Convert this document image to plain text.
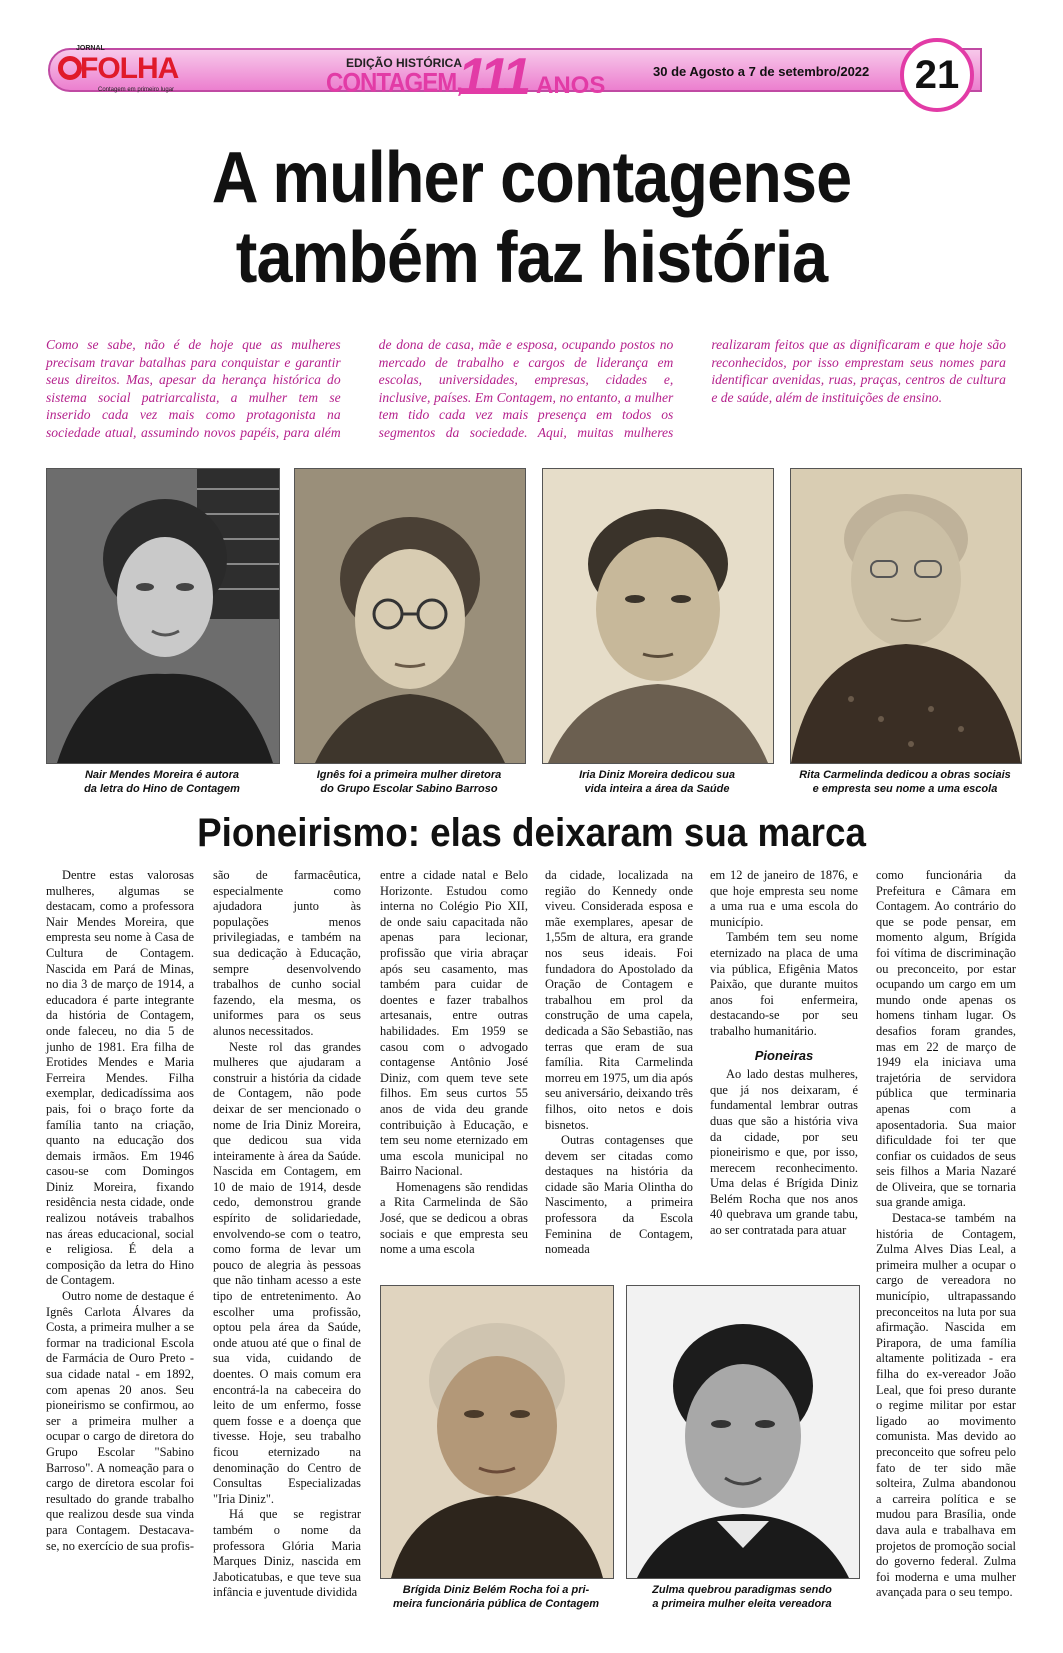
JORNAL
FOLHA
Contagem em primeiro lugar
EDIÇÃO HISTÓRICA
CONTAGEM,
111 ANOS
30 de Agosto a 7 de setembro/2022	21
A mulher contagense
também faz história
Como se sabe, não é de hoje que as mulheres precisam travar batalhas para conquistar e garantir seus direitos. Mas, apesar da herança histórica do sistema social patriarcalista, a mulher tem se inserido cada vez mais como protagonista na sociedade atual, assumindo novos papéis, para além de dona de casa, mãe e esposa, ocupando postos no mercado de trabalho e cargos de liderança em escolas, universidades, empresas, cidades e, inclusive, países. Em Contagem, no entanto, a mulher tem tido cada vez mais presença em todos os segmentos da sociedade. Aqui, muitas mulheres realizaram feitos que as dignificaram e que hoje são reconhecidos, por isso emprestam seus nomes para identificar avenidas, ruas, praças, centros de cultura e de saúde, além de instituições de ensino.
Nair Mendes Moreira é autora
da letra do Hino de Contagem
Ignês foi a primeira mulher diretora
do Grupo Escolar Sabino Barroso
Iria Diniz Moreira dedicou sua
vida inteira a área da Saúde
Rita Carmelinda dedicou a obras sociais
e empresta seu nome a uma escola
Pioneirismo: elas deixaram sua marca

Dentre estas valorosas mulheres, algumas se destacam, como a professora Nair Mendes Moreira, que empresta seu nome à Casa de Cultura de Contagem. Nascida em Pará de Minas, no dia 3 de março de 1914, a educadora é parte integrante da história de Contagem, onde faleceu, no dia 5 de junho de 1981. Era filha de Erotides Mendes e Maria Ferreira Mendes. Filha exemplar, dedicadíssima aos pais, foi o braço forte da família tanto na criação, quanto na educação dos demais irmãos. Em 1946 casou-se com Domingos Diniz Moreira, fixando residência nesta cidade, onde realizou notáveis trabalhos nas áreas educacional, social e religiosa. É dela a composição da letra do Hino de Contagem.

Outro nome de destaque é Ignês Carlota Álvares da Costa, a primeira mulher a se formar na tradicional Escola de Farmácia de Ouro Preto - sua cidade natal - em 1892, com apenas 20 anos. Seu pioneirismo se confirmou, ao ser a primeira mulher a ocupar o cargo de diretora do Grupo Escolar "Sabino Barroso". A nomeação para o cargo de diretora escolar foi resultado do grande trabalho que realizou desde sua vinda para Contagem. Destacava-se, no exercício de sua profis-

são de farmacêutica, especialmente como ajudadora junto às populações menos privilegiadas, e também na sua dedicação à Educação, sempre desenvolvendo trabalhos de cunho social fazendo, ela mesma, os uniformes para os seus alunos necessitados.

Neste rol das grandes mulheres que ajudaram a construir a história da cidade de Contagem, não pode deixar de ser mencionado o nome de Iria Diniz Moreira, que dedicou sua vida inteiramente à área da Saúde. Nascida em Contagem, em 10 de maio de 1914, desde cedo, demonstrou grande espírito de solidariedade, envolvendo-se com o teatro, como forma de levar um pouco de alegria às pessoas que não tinham acesso a este tipo de entretenimento. Ao escolher uma profissão, optou pela área da Saúde, onde atuou até que o final de sua vida, cuidando de doentes. O mais comum era encontrá-la na cabeceira do leito de um enfermo, fosse quem fosse e a doença que tivesse. Hoje, seu trabalho ficou eternizado na denominação do Centro de Consultas Especializadas "Iria Diniz".

Há que se registrar também o nome da professora Glória Maria Marques Diniz, nascida em Jaboticatubas, e que teve sua infância e juventude dividida

entre a cidade natal e Belo Horizonte. Estudou como interna no Colégio Pio XII, de onde saiu capacitada não apenas para lecionar, profissão que viria abraçar após seu casamento, mas também para cuidar de doentes e fazer trabalhos artesanais, entre outras habilidades. Em 1959 se casou com o advogado contagense Antônio José Diniz, com quem teve sete filhos. Em seus curtos 55 anos de vida deu grande contribuição à Educação, e tem seu nome eternizado em uma escola municipal no Bairro Nacional.

Homenagens são rendidas a Rita Carmelinda de São José, que se dedicou a obras sociais e que empresta seu nome a uma escola

da cidade, localizada na região do Kennedy onde viveu. Considerada esposa e mãe exemplares, apesar de 1,55m de altura, era grande nos seus ideais. Foi fundadora do Apostolado da Oração de Contagem e trabalhou em prol da construção de uma capela, dedicada a São Sebastião, nas terras que eram de sua família. Rita Carmelinda morreu em 1975, um dia após seu aniversário, deixando três filhos, oito netos e dois bisnetos.

Outras contagenses que devem ser citadas como destaques na história da cidade são Maria Olintha do Nascimento, a primeira professora da Escola Feminina de Contagem, nomeada

em 12 de janeiro de 1876, e que hoje empresta seu nome a uma rua e uma escola do município.

Também tem seu nome eternizado na placa de uma via pública, Efigênia Matos Paixão, que durante muitos anos foi enfermeira, destacando-se por seu trabalho humanitário.

Pioneiras

Ao lado destas mulheres, que já nos deixaram, é fundamental lembrar outras duas que são a história viva da cidade, por seu pioneirismo e que, por isso, merecem reconhecimento. Uma delas é Brígida Diniz Belém Rocha que nos anos 40 quebrava um grande tabu, ao ser contratada para atuar

como funcionária da Prefeitura e Câmara em Contagem. Ao contrário do que se pode pensar, em momento algum, Brígida foi vítima de discriminação ou preconceito, por estar ocupando um cargo em um mundo onde apenas os homens tinham lugar. Os desafios foram grandes, mas em 22 de março de 1949 ela iniciava uma trajetória de servidora pública que terminaria apenas com a aposentadoria. Sua maior dificuldade foi ter que confiar os cuidados de seus seis filhos a Maria Nazaré de Oliveira, que se tornaria sua grande amiga.

Destaca-se também na história de Contagem, Zulma Alves Dias Leal, a primeira mulher a ocupar o cargo de vereadora no município, ultrapassando preconceitos na luta por sua afirmação. Nascida em Pirapora, de uma família altamente politizada - era filha do ex-vereador João Leal, que foi preso durante o regime militar por estar ligado ao movimento comunista. Mas devido ao preconceito que sofreu pelo fato de ter sido mãe solteira, Zulma abandonou a carreira política e se mudou para Brasília, onde dava aula e trabalhava em projetos de promoção social do governo federal. Zulma foi moderna e uma mulher avançada para o seu tempo.

Brígida Diniz Belém Rocha foi a pri-
meira funcionária pública de Contagem
Zulma quebrou paradigmas sendo
a primeira mulher eleita vereadora
